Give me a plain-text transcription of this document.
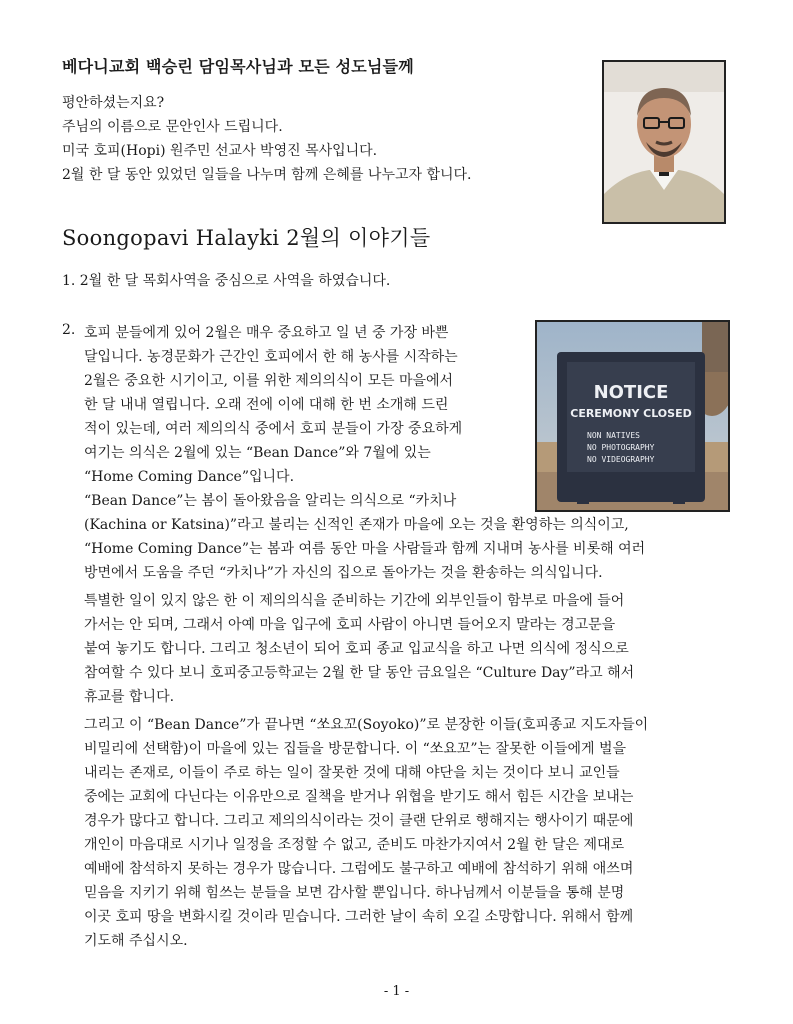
베다니교회 백승린 담임목사님과 모든 성도님들께
평안하셨는지요?
주님의 이름으로 문안인사 드립니다.
미국 호피(Hopi) 원주민 선교사 박영진 목사입니다.
2월 한 달 동안 있었던 일들을 나누며 함께 은혜를 나누고자 합니다.
Soongopavi Halayki 2월의 이야기들
1. 2월 한 달 목회사역을 중심으로 사역을 하였습니다.
2.
NOTICE
CEREMONY CLOSED
NON NATIVES
NO PHOTOGRAPHY
NO VIDEOGRAPHY
호피 분들에게 있어 2월은 매우 중요하고 일 년 중 가장 바쁜
달입니다. 농경문화가 근간인 호피에서 한 해 농사를 시작하는
2월은 중요한 시기이고, 이를 위한 제의의식이 모든 마을에서
한 달 내내 열립니다. 오래 전에 이에 대해 한 번 소개해 드린
적이 있는데, 여러 제의의식 중에서 호피 분들이 가장 중요하게
여기는 의식은 2월에 있는 “Bean Dance”와 7월에 있는
“Home Coming Dance”입니다.
“Bean Dance”는 봄이 돌아왔음을 알리는 의식으로 “카치나
(Kachina or Katsina)”라고 불리는 신적인 존재가 마을에 오는 것을 환영하는 의식이고,
“Home Coming Dance”는 봄과 여름 동안 마을 사람들과 함께 지내며 농사를 비롯해 여러
방면에서 도움을 주던 “카치나”가 자신의 집으로 돌아가는 것을 환송하는 의식입니다.
특별한 일이 있지 않은 한 이 제의의식을 준비하는 기간에 외부인들이 함부로 마을에 들어
가서는 안 되며, 그래서 아예 마을 입구에 호피 사람이 아니면 들어오지 말라는 경고문을
붙여 놓기도 합니다. 그리고 청소년이 되어 호피 종교 입교식을 하고 나면 의식에 정식으로
참여할 수 있다 보니 호피중고등학교는 2월 한 달 동안 금요일은 “Culture Day”라고 해서
휴교를 합니다.
그리고 이 “Bean Dance”가 끝나면 “쏘요꼬(Soyoko)”로 분장한 이들(호피종교 지도자들이
비밀리에 선택함)이 마을에 있는 집들을 방문합니다. 이 “쏘요꼬”는 잘못한 이들에게 벌을
내리는 존재로, 이들이 주로 하는 일이 잘못한 것에 대해 야단을 치는 것이다 보니 교인들
중에는 교회에 다닌다는 이유만으로 질책을 받거나 위협을 받기도 해서 힘든 시간을 보내는
경우가 많다고 합니다. 그리고 제의의식이라는 것이 클랜 단위로 행해지는 행사이기 때문에
개인이 마음대로 시기나 일정을 조정할 수 없고, 준비도 마찬가지여서 2월 한 달은 제대로
예배에 참석하지 못하는 경우가 많습니다. 그럼에도 불구하고 예배에 참석하기 위해 애쓰며
믿음을 지키기 위해 힘쓰는 분들을 보면 감사할 뿐입니다. 하나님께서 이분들을 통해 분명
이곳 호피 땅을 변화시킬 것이라 믿습니다. 그러한 날이 속히 오길 소망합니다. 위해서 함께
기도해 주십시오.
- 1 -
